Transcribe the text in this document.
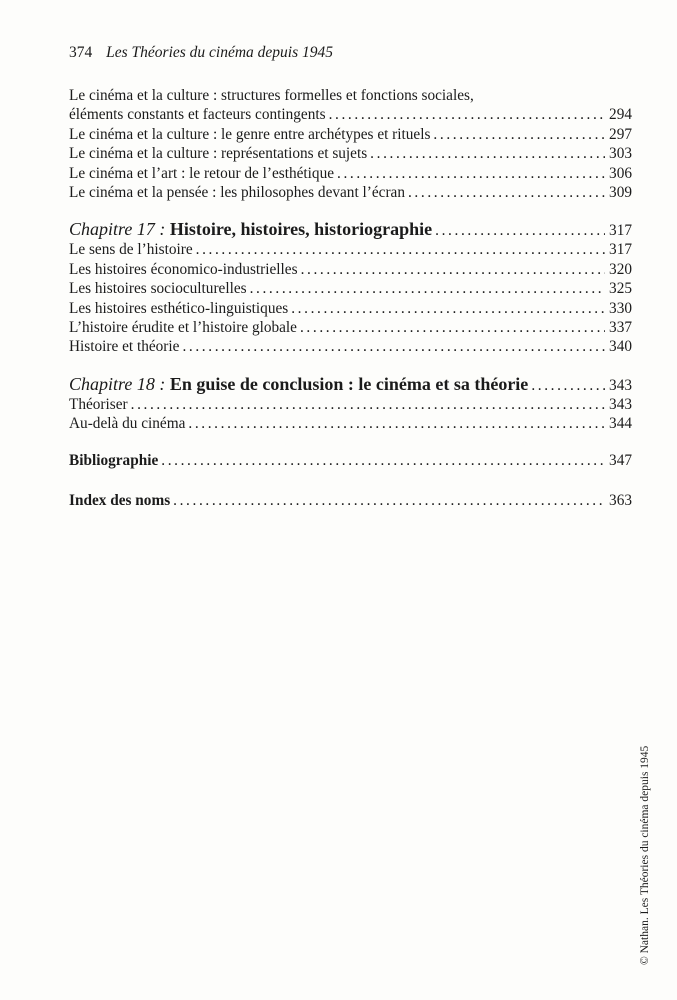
374 Les Théories du cinéma depuis 1945
Le cinéma et la culture : structures formelles et fonctions sociales,
éléments constants et facteurs contingents . . .	294
Le cinéma et la culture : le genre entre archétypes et rituels . . .	297
Le cinéma et la culture : représentations et sujets . . .	303
Le cinéma et l’art : le retour de l’esthétique . . .	306
Le cinéma et la pensée : les philosophes devant l’écran . . .	309
Chapitre 17 : Histoire, histoires, historiographie . . .	317
Le sens de l’histoire . . .	317
Les histoires économico-industrielles . . .	320
Les histoires socioculturelles . . .	325
Les histoires esthético-linguistiques . . .	330
L’histoire érudite et l’histoire globale . . .	337
Histoire et théorie . . .	340
Chapitre 18 : En guise de conclusion : le cinéma et sa théorie . . .	343
Théoriser . . .	343
Au-delà du cinéma . . .	344
Bibliographie . . .	347
Index des noms . . .	363
© Nathan. Les Théories du cinéma depuis 1945
